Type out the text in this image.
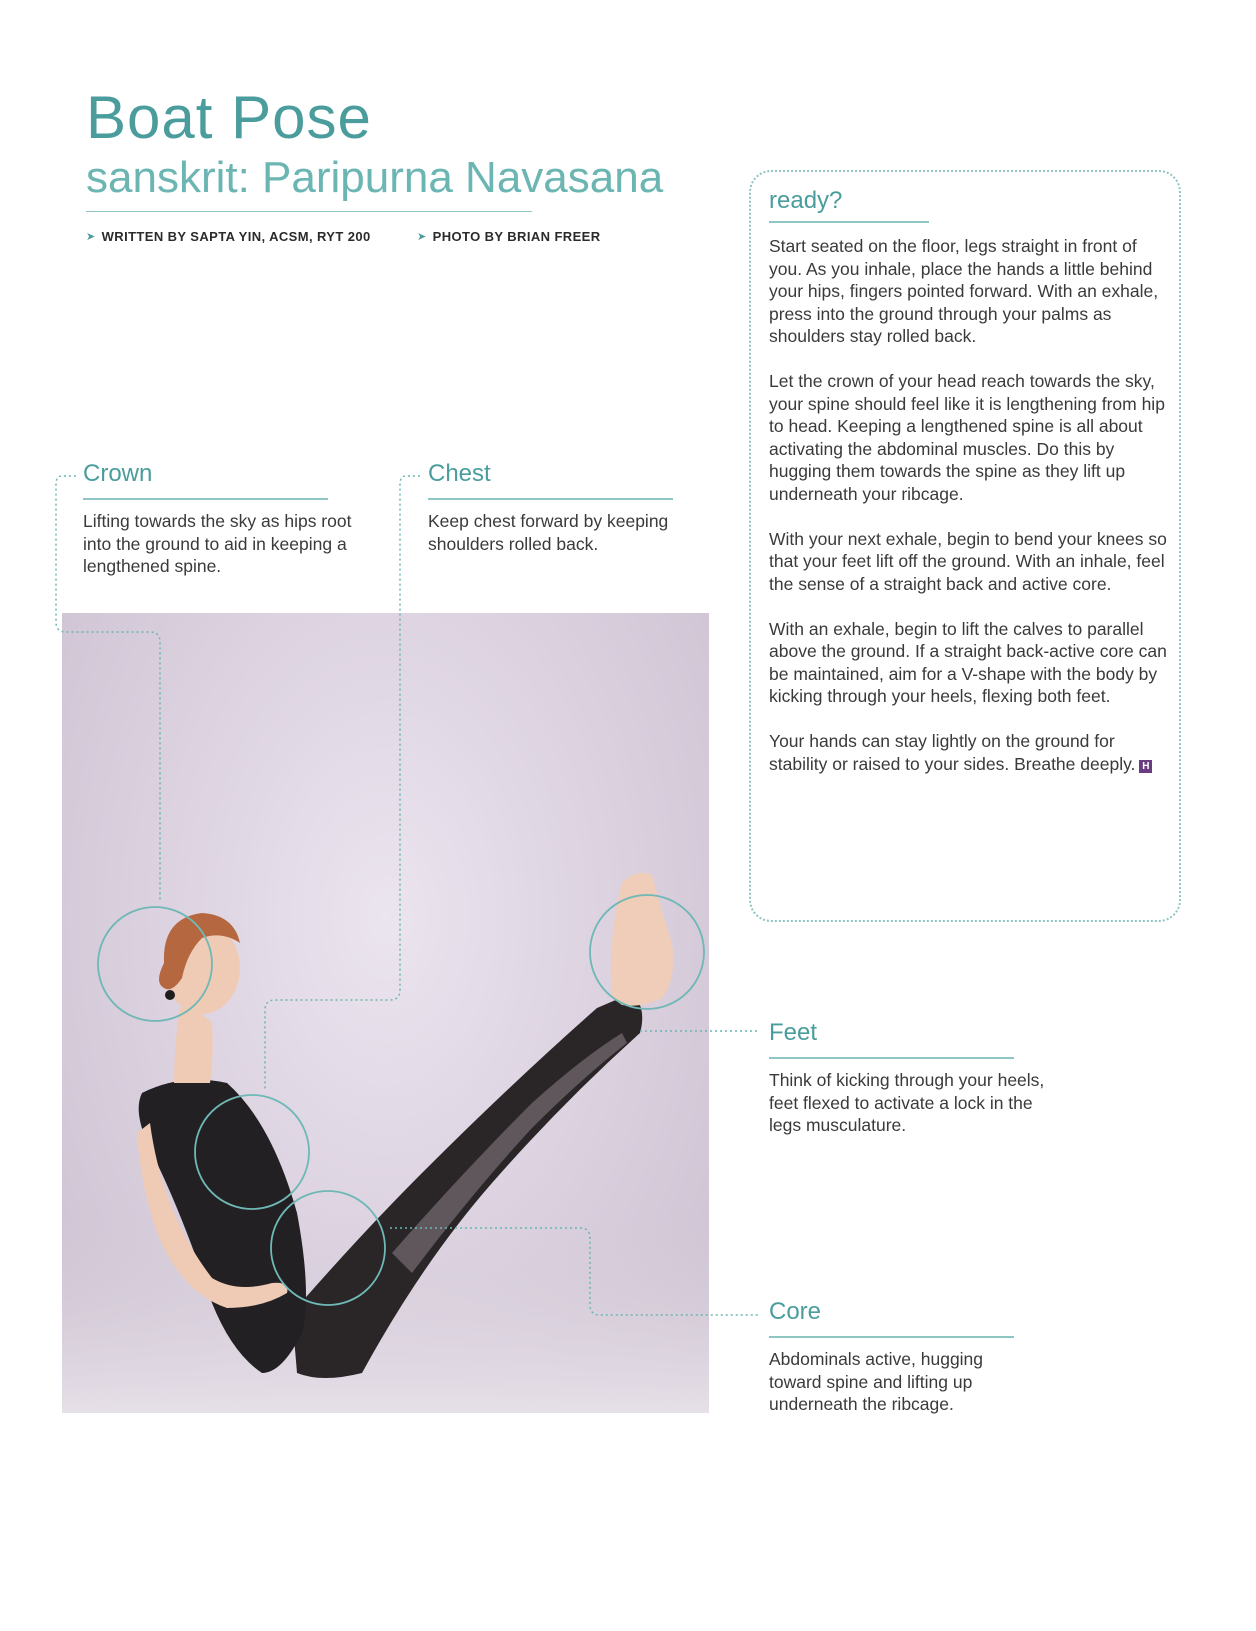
Boat Pose
sanskrit: Paripurna Navasana
➤ WRITTEN BY SAPTA YIN, ACSM, RYT 200	➤ PHOTO BY BRIAN FREER
Crown
Lifting towards the sky as hips root into the ground to aid in keeping a lengthened spine.
Chest
Keep chest forward by keeping shoulders rolled back.
ready?

Start seated on the floor, legs straight in front of you. As you inhale, place the hands a little behind your hips, fingers pointed forward. With an exhale, press into the ground through your palms as shoulders stay rolled back.

Let the crown of your head reach towards the sky, your spine should feel like it is lengthening from hip to head. Keeping a lengthened spine is all about activating the abdominal muscles. Do this by hugging them towards the spine as they lift up underneath your ribcage.

With your next exhale, begin to bend your knees so that your feet lift off the ground. With an inhale, feel the sense of a straight back and active core.

With an exhale, begin to lift the calves to parallel above the ground. If a straight back-active core can be maintained, aim for a V-shape with the body by kicking through your heels, flexing both feet.

Your hands can stay lightly on the ground for stability or raised to your sides. Breathe deeply. H

Feet
Think of kicking through your heels, feet flexed to activate a lock in the legs musculature.
Core
Abdominals active, hugging toward spine and lifting up underneath the ribcage.
